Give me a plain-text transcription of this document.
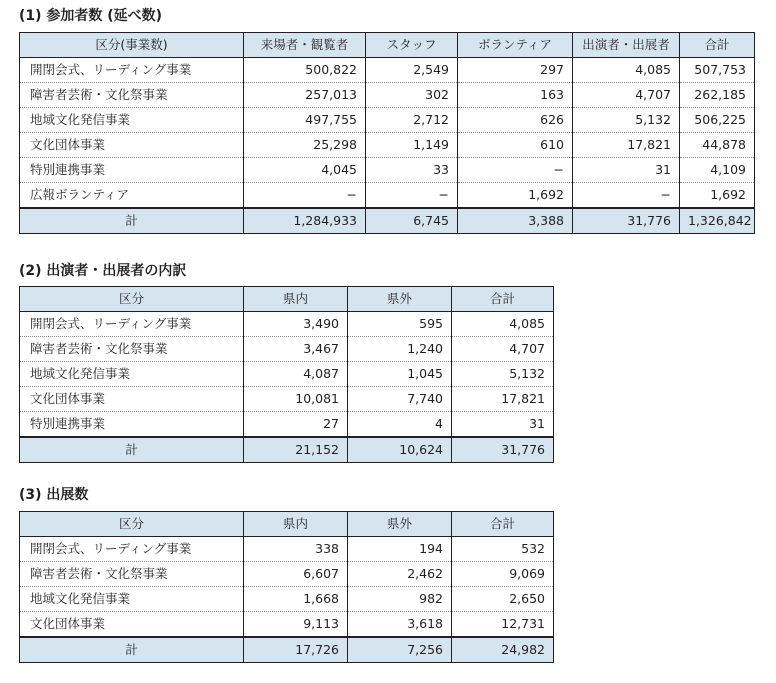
(1) 参加者数 (延べ数)
区分(事業数)	来場者・観覧者	スタッフ	ボランティア	出演者・出展者	合計
開閉会式、リーディング事業	500,822	2,549	297	4,085	507,753
障害者芸術・文化祭事業	257,013	302	163	4,707	262,185
地域文化発信事業	497,755	2,712	626	5,132	506,225
文化団体事業	25,298	1,149	610	17,821	44,878
特別連携事業	4,045	33	−	31	4,109
広報ボランティア	−	−	1,692	−	1,692
計	1,284,933	6,745	3,388	31,776	1,326,842
(2) 出演者・出展者の内訳
区分	県内	県外	合計
開閉会式、リーディング事業	3,490	595	4,085
障害者芸術・文化祭事業	3,467	1,240	4,707
地域文化発信事業	4,087	1,045	5,132
文化団体事業	10,081	7,740	17,821
特別連携事業	27	4	31
計	21,152	10,624	31,776
(3) 出展数
区分	県内	県外	合計
開閉会式、リーディング事業	338	194	532
障害者芸術・文化祭事業	6,607	2,462	9,069
地域文化発信事業	1,668	982	2,650
文化団体事業	9,113	3,618	12,731
計	17,726	7,256	24,982
